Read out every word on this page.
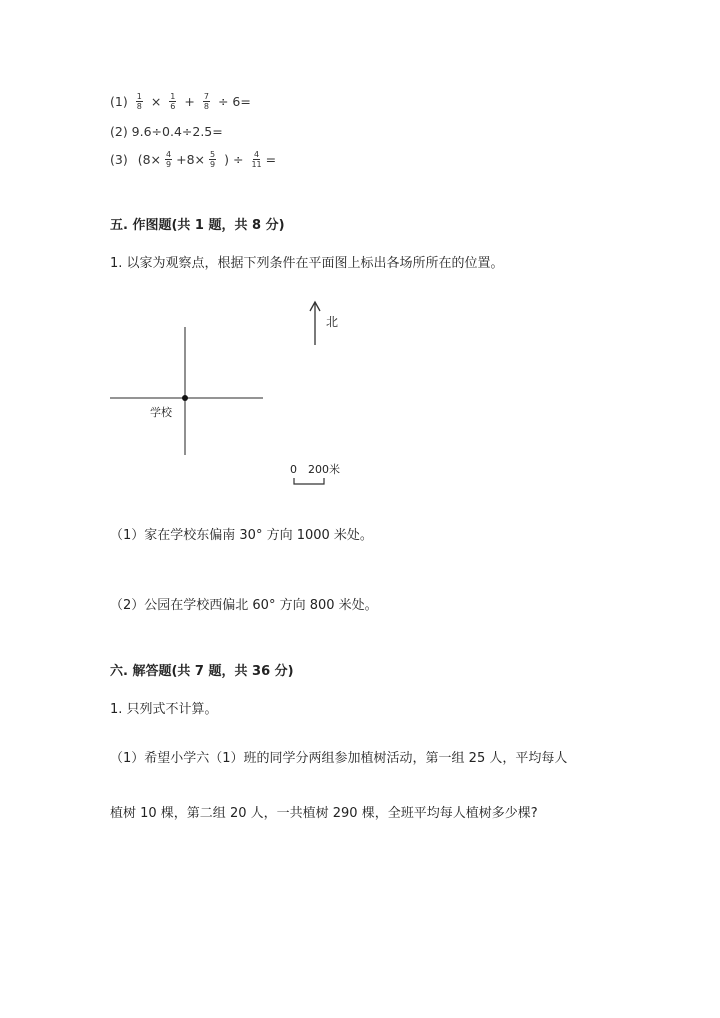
$(1) \frac{1}{8} \times \frac{1}{6} + \frac{7}{8} \div 6=$
(2) 9.6÷0.4÷2.5=
(3) ($8\times \frac{4}{9} +8\times \frac{5}{9}$ ) ÷ $\frac{4}{11}$ =
五. 作图题(共 1 题，共 8 分)
1. 以家为观察点，根据下列条件在平面图上标出各场所所在的位置。
北
学校
0 200米
（1）家在学校东偏南 30° 方向 1000 米处。
（2）公园在学校西偏北 60° 方向 800 米处。
六. 解答题(共 7 题，共 36 分)
1. 只列式不计算。
（1）希望小学六（1）班的同学分两组参加植树活动，第一组 25 人，平均每人
植树 10 棵，第二组 20 人，一共植树 290 棵，全班平均每人植树多少棵?
